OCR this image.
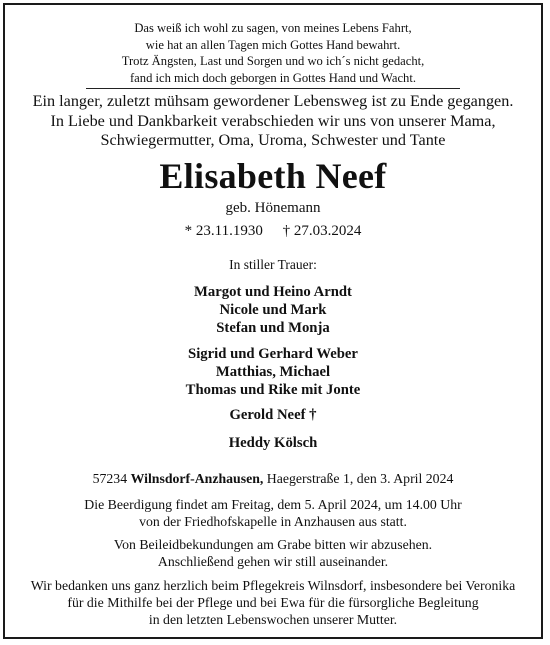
Das weiß ich wohl zu sagen, von meines Lebens Fahrt,
wie hat an allen Tagen mich Gottes Hand bewahrt.
Trotz Ängsten, Last und Sorgen und wo ich´s nicht gedacht,
fand ich mich doch geborgen in Gottes Hand und Wacht.
Ein langer, zuletzt mühsam gewordener Lebensweg ist zu Ende gegangen.
In Liebe und Dankbarkeit verabschieden wir uns von unserer Mama,
Schwiegermutter, Oma, Uroma, Schwester und Tante
Elisabeth Neef
geb. Hönemann
* 23.11.1930 † 27.03.2024
In stiller Trauer:
Margot und Heino Arndt
Nicole und Mark
Stefan und Monja
Sigrid und Gerhard Weber
Matthias, Michael
Thomas und Rike mit Jonte
Gerold Neef †
Heddy Kölsch
57234 Wilnsdorf-Anzhausen, Haegerstraße 1, den 3. April 2024
Die Beerdigung findet am Freitag, dem 5. April 2024, um 14.00 Uhr
von der Friedhofskapelle in Anzhausen aus statt.
Von Beileidbekundungen am Grabe bitten wir abzusehen.
Anschließend gehen wir still auseinander.
Wir bedanken uns ganz herzlich beim Pflegekreis Wilnsdorf, insbesondere bei Veronika
für die Mithilfe bei der Pflege und bei Ewa für die fürsorgliche Begleitung
in den letzten Lebenswochen unserer Mutter.
